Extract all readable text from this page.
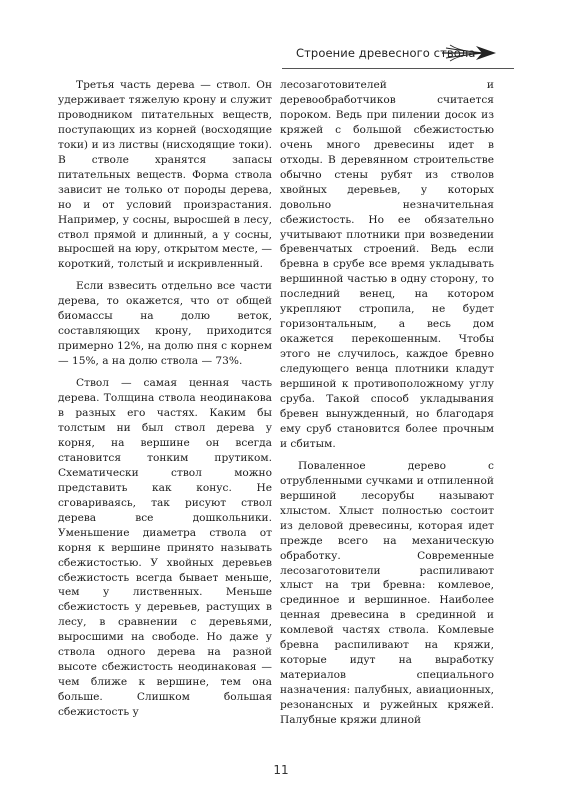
Строение древесного ствола

Третья часть дерева — ствол. Он удерживает тяжелую крону и служит проводником питательных веществ, поступающих из корней (восходящие токи) и из листвы (нисходящие токи). В стволе хранятся запасы питательных веществ. Форма ствола зависит не только от породы дерева, но и от условий произрастания. Например, у сосны, выросшей в лесу, ствол прямой и длинный, а у сосны, выросшей на юру, открытом месте, — короткий, толстый и искривленный.

Если взвесить отдельно все части дерева, то окажется, что от общей биомассы на долю веток, составляющих крону, приходится примерно 12%, на долю пня с корнем — 15%, а на долю ствола — 73%.

Ствол — самая ценная часть дерева. Толщина ствола неодинакова в разных его частях. Каким бы толстым ни был ствол дерева у корня, на вершине он всегда становится тонким прутиком. Схематически ствол можно представить как конус. Не сговариваясь, так рисуют ствол дерева все дошкольники. Уменьшение диаметра ствола от корня к вершине принято называть сбежистостью. У хвойных деревьев сбежистость всегда бывает меньше, чем у лиственных. Меньше сбежистость у деревьев, растущих в лесу, в сравнении с деревьями, выросшими на свободе. Но даже у ствола одного дерева на разной высоте сбежистость неодинаковая — чем ближе к вершине, тем она больше. Слишком большая сбежистость у

лесозаготовителей и деревообработчиков считается пороком. Ведь при пилении досок из кряжей с большой сбежистостью очень много древесины идет в отходы. В деревянном строительстве обычно стены рубят из стволов хвойных деревьев, у которых довольно незначительная сбежистость. Но ее обязательно учитывают плотники при возведении бревенчатых строений. Ведь если бревна в срубе все время укладывать вершинной частью в одну сторону, то последний венец, на котором укрепляют стропила, не будет горизонтальным, а весь дом окажется перекошенным. Чтобы этого не случилось, каждое бревно следующего венца плотники кладут вершиной к противоположному углу сруба. Такой способ укладывания бревен вынужденный, но благодаря ему сруб становится более прочным и сбитым.

Поваленное дерево с отрубленными сучками и отпиленной вершиной лесорубы называют хлыстом. Хлыст полностью состоит из деловой древесины, которая идет прежде всего на механическую обработку. Современные лесозаготовители распиливают хлыст на три бревна: комлевое, срединное и вершинное. Наиболее ценная древесина в срединной и комлевой частях ствола. Комлевые бревна распиливают на кряжи, которые идут на выработку материалов специального назначения: палубных, авиационных, резонансных и ружейных кряжей. Палубные кряжи длиной

11
